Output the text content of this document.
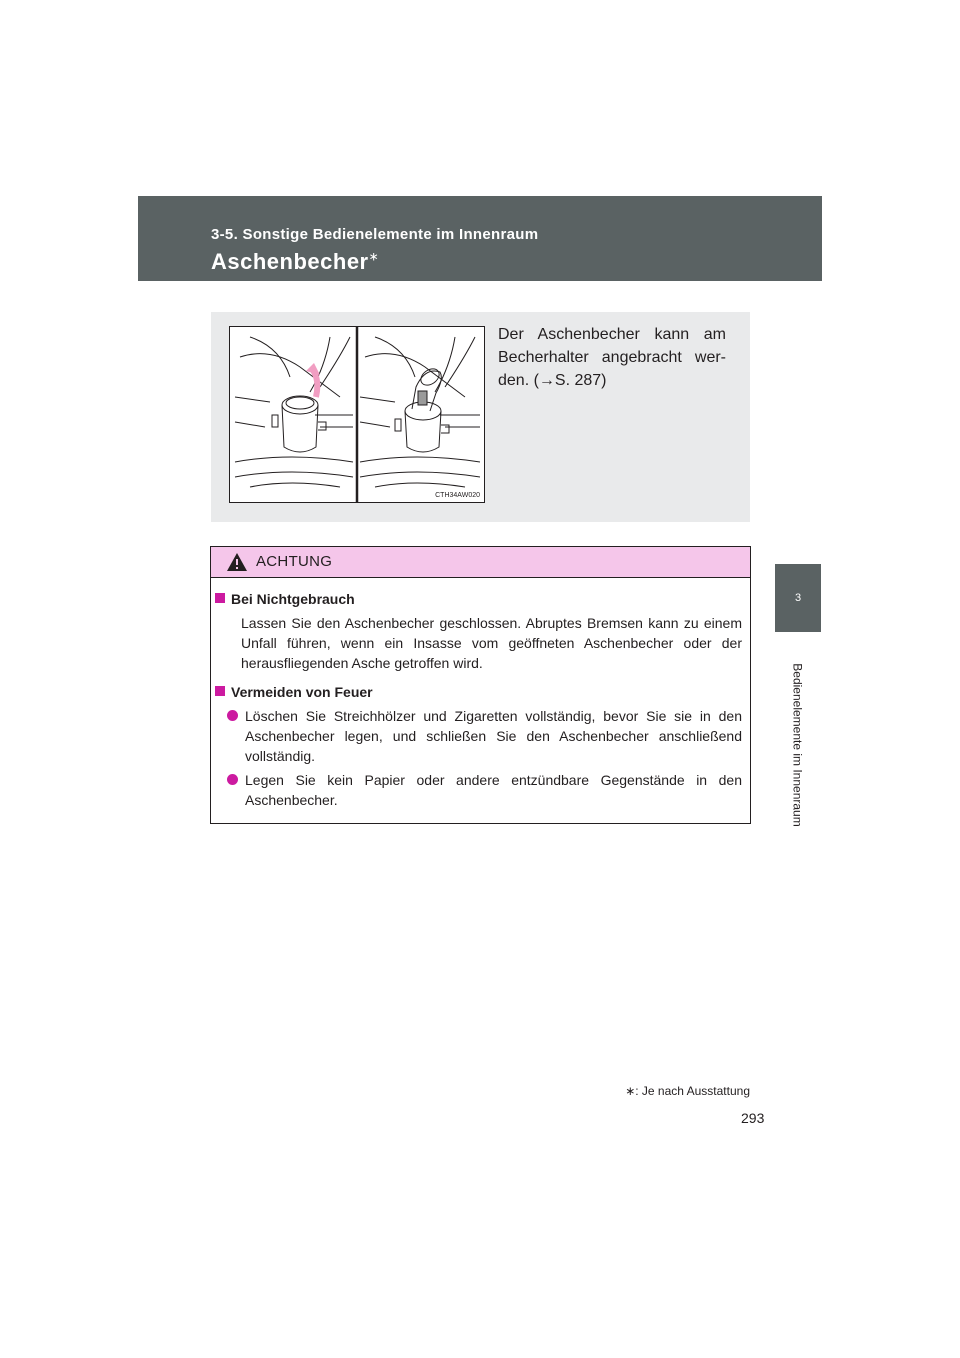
3-5. Sonstige Bedienelemente im Innenraum
Aschenbecher∗
3
Bedienelemente im Innenraum
CTH34AW020
Der Aschenbecher kann am Becherhalter angebracht wer-den. (→S. 287)
ACHTUNG
Bei Nichtgebrauch
Lassen Sie den Aschenbecher geschlossen. Abruptes Bremsen kann zu einem Unfall führen, wenn ein Insasse vom geöffneten Aschenbecher oder der herausfliegenden Asche getroffen wird.
Vermeiden von Feuer
Löschen Sie Streichhölzer und Zigaretten vollständig, bevor Sie sie in den Aschenbecher legen, und schließen Sie den Aschenbecher anschließend vollständig.
Legen Sie kein Papier oder andere entzündbare Gegenstände in den Aschenbecher.
∗: Je nach Ausstattung
293
